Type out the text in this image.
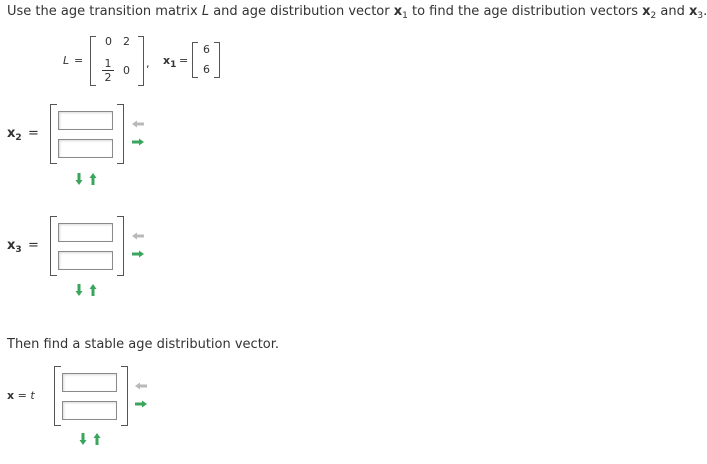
Use the age transition matrix L and age distribution vector $x_1$ to find the age distribution vectors $x_2$ and $x_3$.
L =
0 2
1
2
0
, $x_1$ =
6
6
$x_2$ =
$x_3$ =
Then find a stable age distribution vector.
x = t
